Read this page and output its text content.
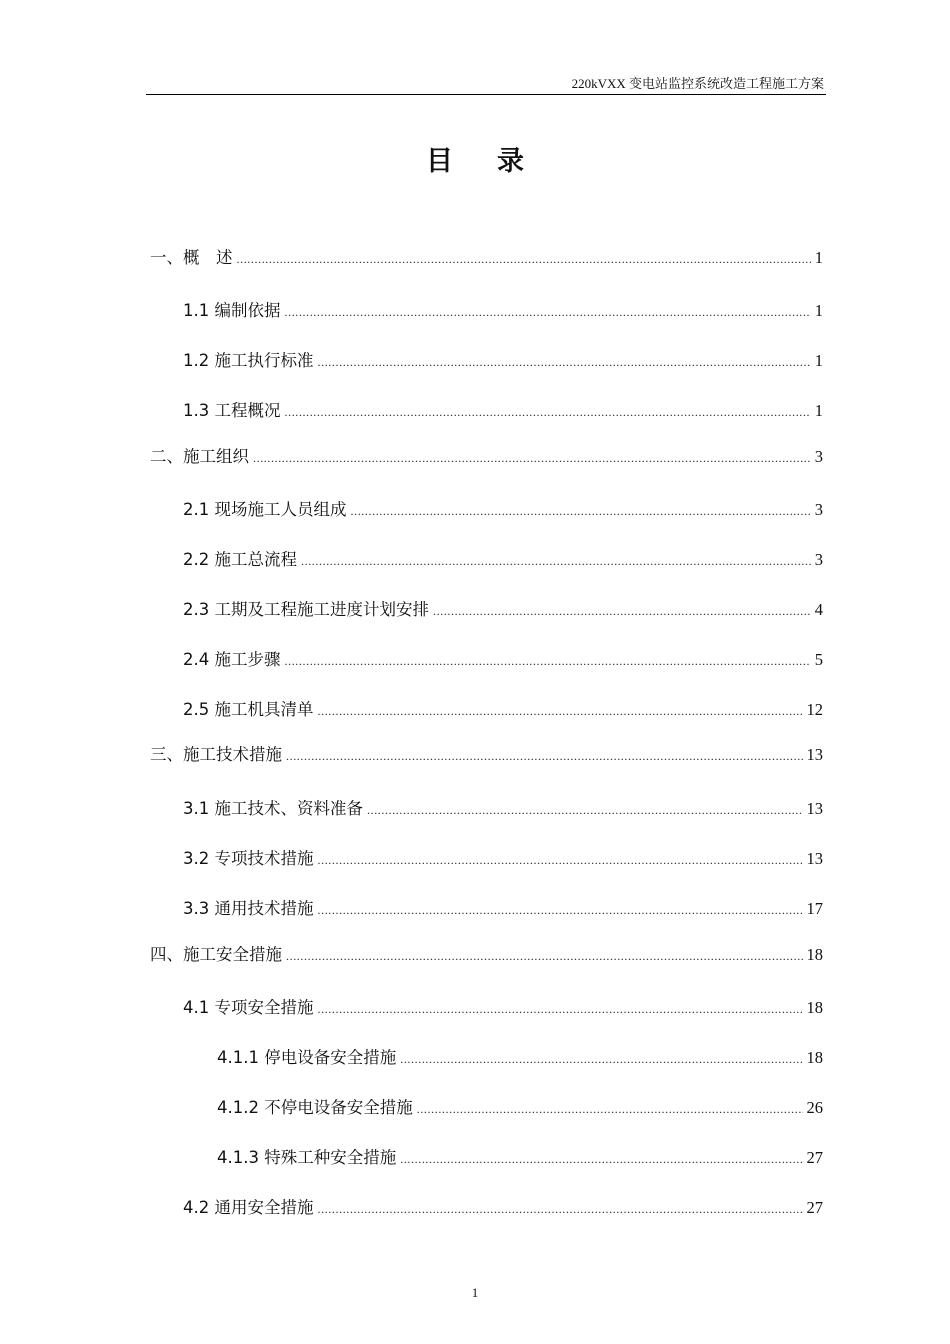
220kVXX 变电站监控系统改造工程施工方案
目录
一、概　述 .....	1
1.1 编制依据 .....	1
1.2 施工执行标准 .....	1
1.3 工程概况 .....	1
二、施工组织 .....	3
2.1 现场施工人员组成 .....	3
2.2 施工总流程 .....	3
2.3 工期及工程施工进度计划安排 .....	4
2.4 施工步骤 .....	5
2.5 施工机具清单 .....	12
三、施工技术措施 .....	13
3.1 施工技术、资料准备 .....	13
3.2 专项技术措施 .....	13
3.3 通用技术措施 .....	17
四、施工安全措施 .....	18
4.1 专项安全措施 .....	18
4.1.1 停电设备安全措施 .....	18
4.1.2 不停电设备安全措施 .....	26
4.1.3 特殊工种安全措施 .....	27
4.2 通用安全措施 .....	27
1
